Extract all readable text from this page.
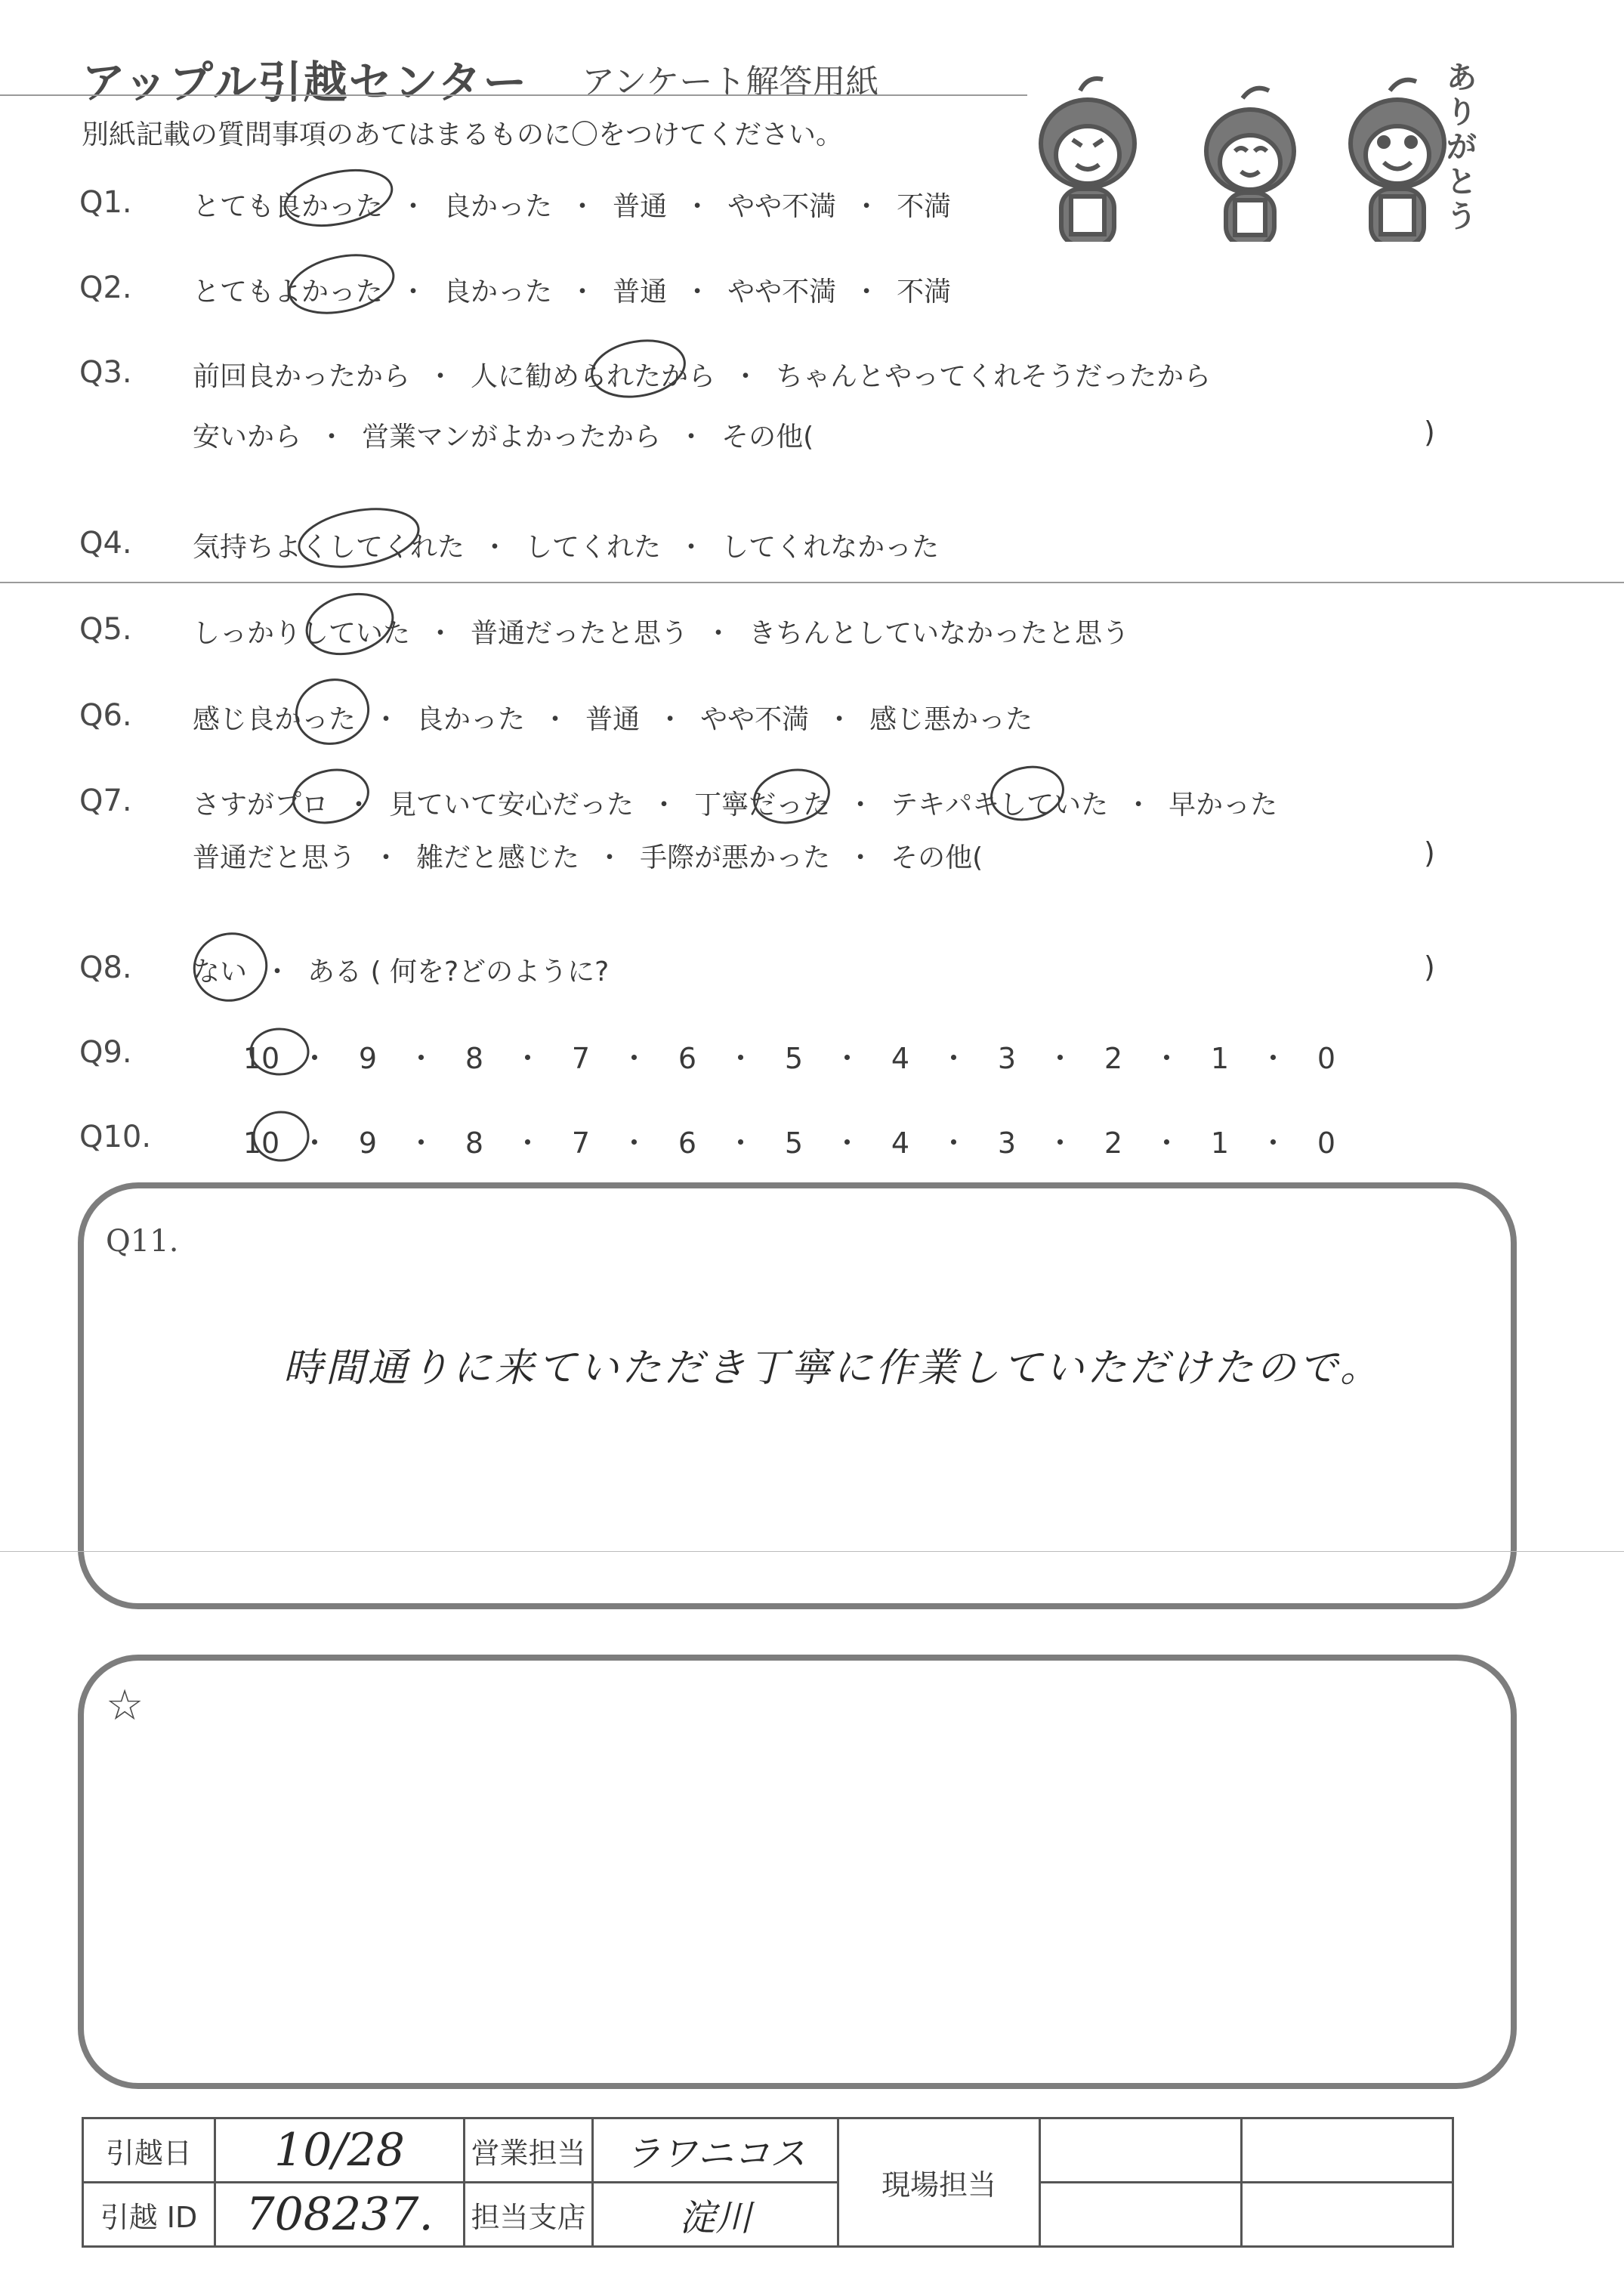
アップル引越センター アンケート解答用紙
別紙記載の質問事項のあてはまるものに〇をつけてください。
ありがとう
Q1. とても良かった ・ 良かった ・ 普通 ・ やや不満 ・ 不満
Q2. とてもよかった ・ 良かった ・ 普通 ・ やや不満 ・ 不満
Q3. 前回良かったから ・ 人に勧められたから ・ ちゃんとやってくれそうだったから
安いから ・ 営業マンがよかったから ・ その他(	)
Q4. 気持ちよくしてくれた ・ してくれた ・ してくれなかった
Q5. しっかりしていた ・ 普通だったと思う ・ きちんとしていなかったと思う
Q6. 感じ良かった ・ 良かった ・ 普通 ・ やや不満 ・ 感じ悪かった
Q7. さすがプロ ・ 見ていて安心だった ・ 丁寧だった ・ テキパキしていた ・ 早かった
普通だと思う ・ 雑だと感じた ・ 手際が悪かった ・ その他(	)
Q8. ない ・ ある ( 何を?どのように?	)
Q9.	10 ・ 9 ・ 8 ・ 7 ・ 6 ・ 5 ・ 4 ・ 3 ・ 2 ・ 1 ・ 0
Q10.	10 ・ 9 ・ 8 ・ 7 ・ 6 ・ 5 ・ 4 ・ 3 ・ 2 ・ 1 ・ 0
Q11.
時間通りに来ていただき丁寧に作業していただけたので。
☆
引越日	10/28	営業担当	ラワニコス	現場担当		
引越 ID	708237.	担当支店	淀川			
